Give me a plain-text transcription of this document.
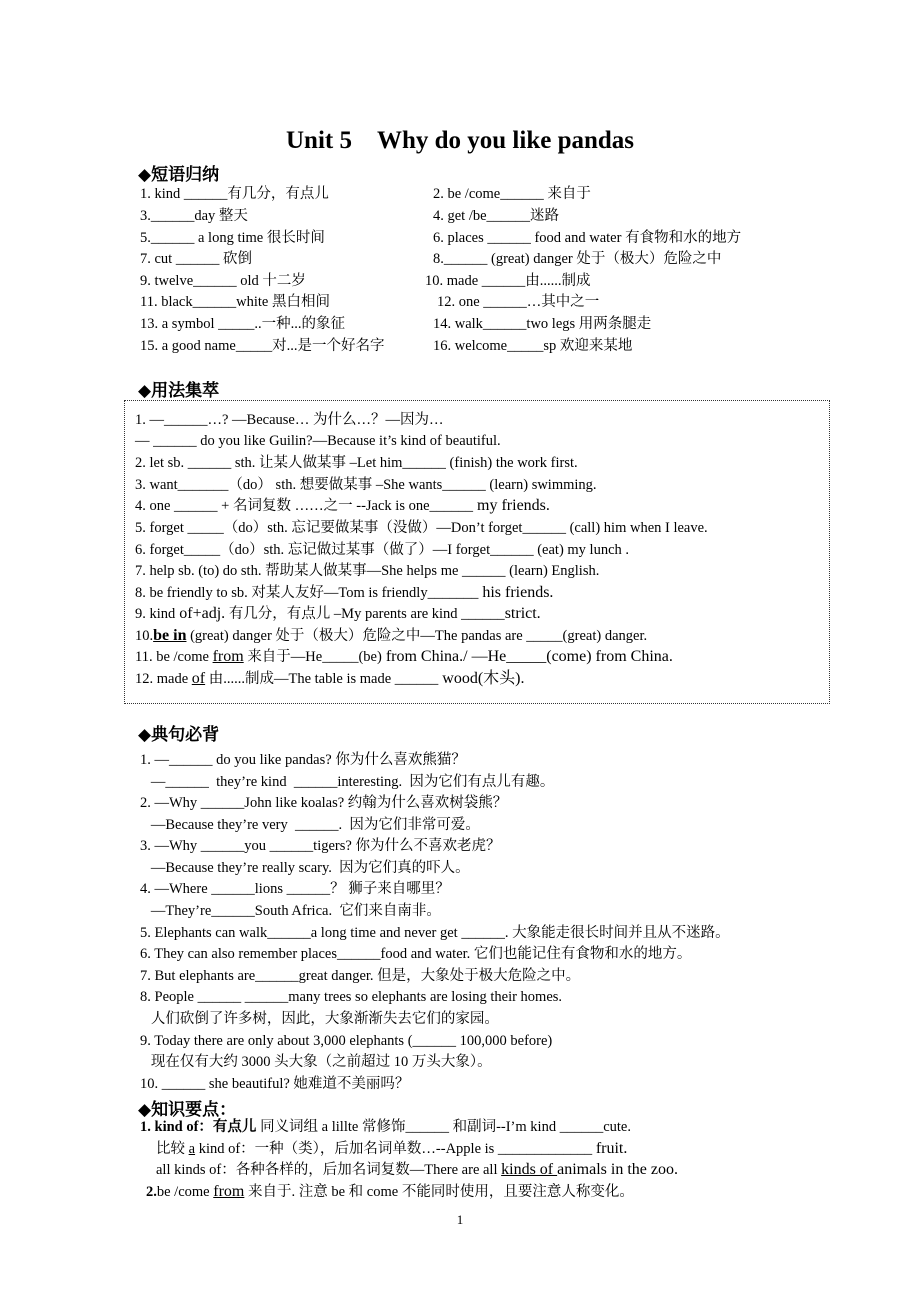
Unit 5　Why do you like pandas
◆短语归纳
1. kind ______有几分，有点儿
3.______day 整天
5.______ a long time 很长时间
7. cut ______ 砍倒
9. twelve______ old 十二岁
11. black______white 黑白相间
13. a symbol _____..一种...的象征
15. a good name_____对...是一个好名字
2. be /come______ 来自于
4. get /be______迷路
6. places ______ food and water 有食物和水的地方
8.______ (great) danger 处于（极大）危险之中
10. made ______由......制成
12. one ______…其中之一
14. walk______two legs 用两条腿走
16. welcome_____sp 欢迎来某地
◆用法集萃
1. —______…? —Because… 为什么…？—因为…
— ______ do you like Guilin?—Because it’s kind of beautiful.
2. let sb. ______ sth. 让某人做某事 –Let him______ (finish) the work first.
3. want_______（do） sth. 想要做某事 –She wants______ (learn) swimming.
4. one ______ + 名词复数 ……之一 --Jack is one______ my friends.
5. forget _____（do）sth. 忘记要做某事（没做）—Don’t forget______ (call) him when I leave.
6. forget_____（do）sth. 忘记做过某事（做了）—I forget______ (eat) my lunch .
7. help sb. (to) do sth. 帮助某人做某事—She helps me ______ (learn) English.
8. be friendly to sb. 对某人友好—Tom is friendly_______ his friends.
9. kind of+adj. 有几分，有点儿 –My parents are kind ______strict.
10.be in (great) danger 处于（极大）危险之中—The pandas are _____(great) danger.
11. be /come from 来自于—He_____(be) from China./ —He_____(come) from China.
12. made of 由......制成—The table is made ______ wood(木头).
◆典句必背
1. —______ do you like pandas? 你为什么喜欢熊猫？
—______  they’re kind  ______interesting.  因为它们有点儿有趣。
2. —Why ______John like koalas? 约翰为什么喜欢树袋熊？
—Because they’re very  ______.  因为它们非常可爱。
3. —Why ______you ______tigers? 你为什么不喜欢老虎？
—Because they’re really scary.  因为它们真的吓人。
4. —Where ______lions ______？ 狮子来自哪里？
—They’re______South Africa.  它们来自南非。
5. Elephants can walk______a long time and never get ______. 大象能走很长时间并且从不迷路。
6. They can also remember places______food and water. 它们也能记住有食物和水的地方。
7. But elephants are______great danger. 但是，大象处于极大危险之中。
8. People ______ ______many trees so elephants are losing their homes.
人们砍倒了许多树，因此，大象渐渐失去它们的家园。
9. Today there are only about 3,000 elephants (______ 100,000 before)
现在仅有大约 3000 头大象（之前超过 10 万头大象）。
10. ______ she beautiful? 她难道不美丽吗？
◆知识要点：
1. kind of：有点儿 同义词组 a lillte 常修饰______ 和副词--I’m kind ______cute.
比较 a kind of：一种（类），后加名词单数…--Apple is _____________ fruit.
all kinds of：各种各样的，后加名词复数—There are all kinds of animals in the zoo.
2.be /come from 来自于. 注意 be 和 come 不能同时使用，且要注意人称变化。
1
